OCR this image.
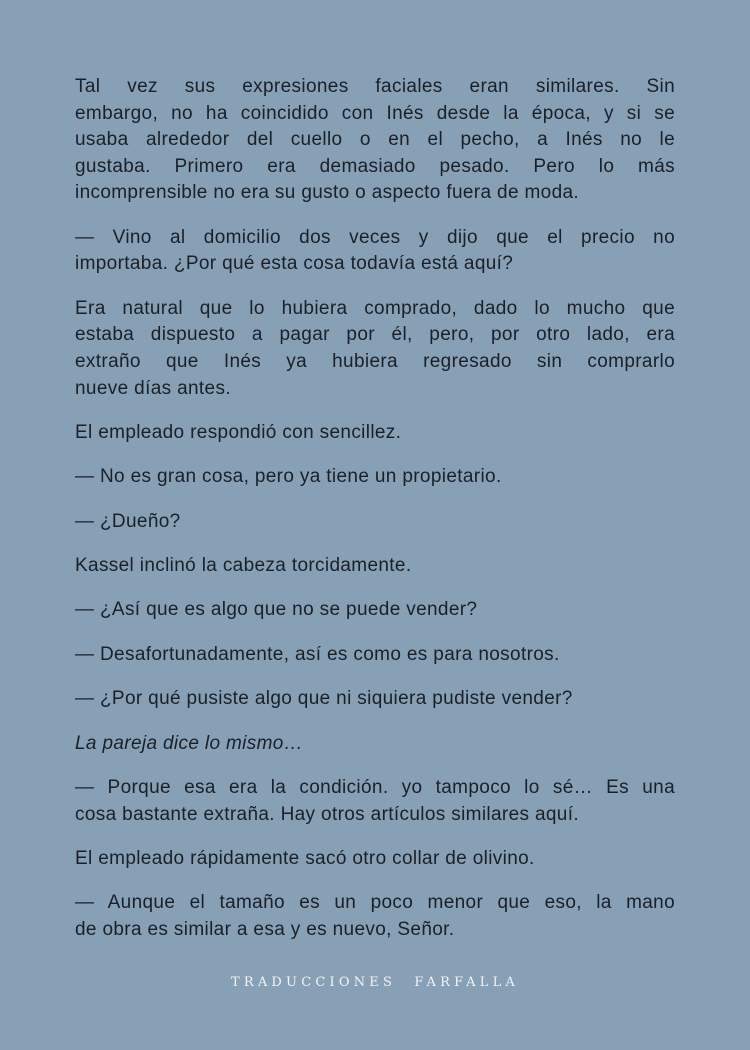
Tal vez sus expresiones faciales eran similares. Sin
embargo, no ha coincidido con Inés desde la época, y si se
usaba alrededor del cuello o en el pecho, a Inés no le
gustaba. Primero era demasiado pesado. Pero lo más
incomprensible no era su gusto o aspecto fuera de moda.

— Vino al domicilio dos veces y dijo que el precio no
importaba. ¿Por qué esta cosa todavía está aquí?

Era natural que lo hubiera comprado, dado lo mucho que
estaba dispuesto a pagar por él, pero, por otro lado, era
extraño que Inés ya hubiera regresado sin comprarlo
nueve días antes.

El empleado respondió con sencillez.

— No es gran cosa, pero ya tiene un propietario.

— ¿Dueño?

Kassel inclinó la cabeza torcidamente.

— ¿Así que es algo que no se puede vender?

— Desafortunadamente, así es como es para nosotros.

— ¿Por qué pusiste algo que ni siquiera pudiste vender?

La pareja dice lo mismo…

— Porque esa era la condición. yo tampoco lo sé… Es una
cosa bastante extraña. Hay otros artículos similares aquí.

El empleado rápidamente sacó otro collar de olivino.

— Aunque el tamaño es un poco menor que eso, la mano
de obra es similar a esa y es nuevo, Señor.

TRADUCCIONES FARFALLA
